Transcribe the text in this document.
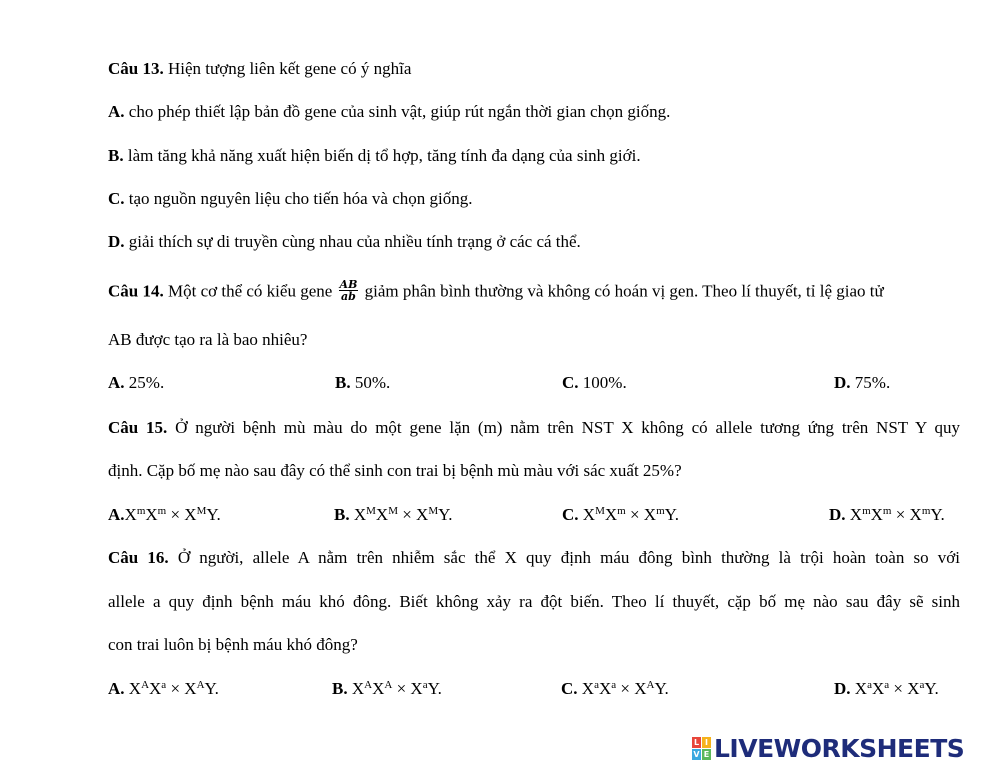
Câu 13. Hiện tượng liên kết gene có ý nghĩa
A. cho phép thiết lập bản đồ gene của sinh vật, giúp rút ngắn thời gian chọn giống.
B. làm tăng khả năng xuất hiện biến dị tổ hợp, tăng tính đa dạng của sinh giới.
C. tạo nguồn nguyên liệu cho tiến hóa và chọn giống.
D. giải thích sự di truyền cùng nhau của nhiều tính trạng ở các cá thể.
Câu 14. Một cơ thể có kiểu gene $\frac{AB}{ab}$ giảm phân bình thường và không có hoán vị gen. Theo lí thuyết, tỉ lệ giao tử
AB được tạo ra là bao nhiêu?
A. 25%.	B. 50%.	C. 100%.	D. 75%.
Câu 15. Ở người bệnh mù màu do một gene lặn (m) nằm trên NST X không có allele tương ứng trên NST Y quy
định. Cặp bố mẹ nào sau đây có thể sinh con trai bị bệnh mù màu với sác xuất 25%?
$A.X^mX^m \times X^MY$.	B. $X^MX^M \times X^MY$.	C. $X^MX^m \times X^mY$.	D. $X^mX^m \times X^mY$.
Câu 16. Ở người, allele A nằm trên nhiễm sắc thể X quy định máu đông bình thường là trội hoàn toàn so với
allele a quy định bệnh máu khó đông. Biết không xảy ra đột biến. Theo lí thuyết, cặp bố mẹ nào sau đây sẽ sinh
con trai luôn bị bệnh máu khó đông?
A. $X^AX^a \times X^AY$.	B. $X^AX^A \times X^aY$.	C. $X^aX^a \times X^AY$.	D. $X^aX^a \times X^aY$.
L I
V E LIVEWORKSHEETS
